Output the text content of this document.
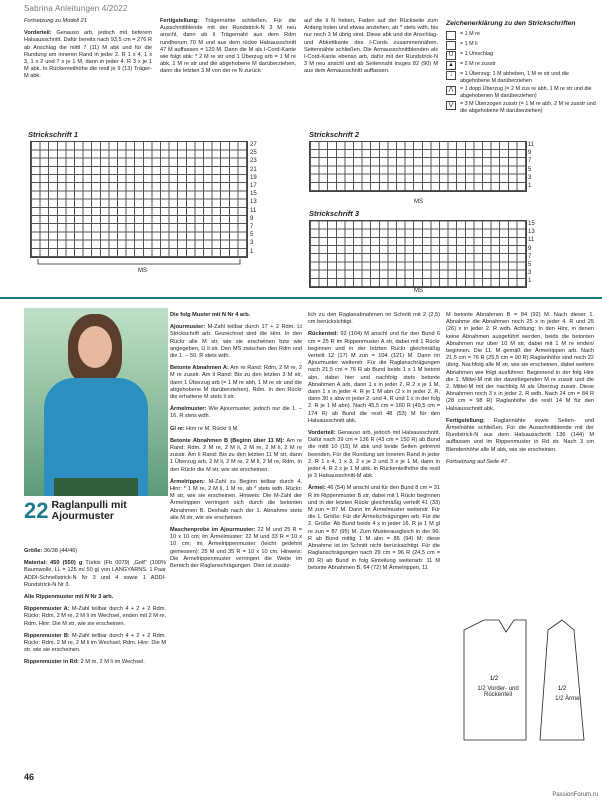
Sabrina Anleitungen 4/2022

Fortsetzung zu Modell 21

Vorderteil: Genauso arb, jedoch mit tieferem Halsausschnitt. Dafür bereits nach 93,5 cm = 276 R ab Anschlag die mittl 7 (11) M abk und für die Rundung am inneren Rand in jeder 2. R 1 x 4, 1 x 3, 1 x 2 und 7 x je 1 M, dann in jeder 4. R 3 x je 1 M abk. In Rückenteilhöhe die restl je 9 (13) Träger-M abk.

Fertigstellung: Trägernähte schließen. Für die Ausschnittblende mit der Rundstrick-N 3 M neu anschl, dann ab li Trägernaht aus dem Rdm rundherum 70 M und aus dem rückw Halsausschnitt 47 M auffassen = 120 M. Dann die M als I-Cord-Kante wie folgt abk: * 2 M re str und 1 Überzug arb = 1 M re abk, 1 M re str und die abgehobene M darüberziehen, dann die letzten 3 M von der re N zurück

auf die li N heben, Faden auf der Rückseite zum Anfang holen und etwas anziehen, ab * stets wdh, bis nur noch 3 M übrig sind. Diese abk und die Anschlag- und Abkettkante des I-Cords zusammennähen. Seitennähte schließen. Die Armausschnittblenden als I-Cord-Kante ebenso arb, dafür mit der Rundstrick-N 3 M neu anschl und ab Seitennaht insges 82 (90) M aus dem Armausschnitt auffassen.

Zeichenerklärung zu den Strickschriften
= 1 M re
= 1 M li
U	= 1 Umschlag
▲	= 2 M re zusstr
↓	= 1 Überzug: 1 M abheben, 1 M re str und die abgehobene M darüberziehen
⋀	= 1 dopp Überzug (= 2 M zus re abh, 1 M re str und die abgehobenen M darüberziehen)
⋁	= 3 M Überzogen zusstr (= 1 M re abh, 2 M re zusstr und die abgehobene M darüberziehen)
Strickschrift 1
27
25
23
21
19
17
15
13
11
9
7
5
3
1
MS
Strickschrift 2
11
9
7
5
3
1
MS
Strickschrift 3
15
13
11
9
7
5
3
1
MS
22 Raglanpulli mit Ajourmuster

Größe: 36/38 (44/46)

Material: 450 (550) g Türkis (Fb 0079) „Golf“ (100% Baumwolle, LL = 125 m/ 50 g) von LANGYARNS. 1 Paar ADDI-Schnellstrick-N Nr 3 und 4 sowie 1 ADDI-Rundstrick-N Nr 3.

Alle Rippenmuster mit N Nr 3 arb.

Rippenmuster A: M-Zahl teilbar durch 4 + 2 + 2 Rdm. Rückr: Rdm, 2 M re, 2 M li im Wechsel, enden mit 2 M re, Rdm. Hinr: Die M str, wie sie erscheinen.

Rippenmuster B: M-Zahl teilbar durch 4 + 2 + 2 Rdm. Rückr: Rdm, 2 M re, 2 M li im Wechsel, Rdm. Hinr: Die M str, wie sie erscheinen.

Rippenmuster in Rd: 2 M re, 2 M li im Wechsel.

Die folg Muster mit N Nr 4 arb.

Ajourmuster: M-Zahl teilbar durch 17 + 2 Rdm. Lt Strickschrift arb. Gezeichnet sind die Hinr. In den Rückr alle M str, wie sie erscheinen bzw wie angegeben, U li str. Den MS zwischen den Rdm und die 1. – 50. R stets wdh.

Betonte Abnahmen A: Am re Rand: Rdm, 2 M re, 2 M re zusstr. Am li Rand: Bis zu den letzten 3 M str, dann 1 Überzug arb (= 1 M re abh, 1 M re str und die abgehobene M darüberziehen), Rdm. In den Rückr die erhaltene M stets li str.

Ärmelmuster: Wie Ajourmuster, jedoch nur die 1. – 16. R stets wdh.

Gl re: Hinr re M, Rückr li M.

Betonte Abnahmen B (Beginn über 11 M): Am re Rand: Rdm, 2 M re, 2 M li, 2 M re, 2 M li, 2 M re zusstr. Am li Rand: Bis zu den letzten 11 M str, dann 1 Überzug arb, 2 M li, 2 M re, 2 M li, 2 M re, Rdm. In den Rückr die M str, wie sie erscheinen.

Ärmelrippen: M-Zahl zu Beginn teilbar durch 4. Hinr: * 1 M re, 2 M li, 1 M re, ab * stets wdh. Rückr: M str, wie sie erscheinen. Hinweis: Die M-Zahl der Ärmelrippen verringert sich durch die betonten Abnahmen B. Deshalb nach der 1. Abnahme stets alle M str, wie sie erscheinen.

Maschenprobe im Ajourmuster: 22 M und 25 R = 10 x 10 cm; im Ärmelmuster: 22 M und 33 R = 10 x 10 cm; im Ärmelrippenmuster (leicht gedehnt gemessen): 25 M und 35 R = 10 x 10 cm. Hinweis: Die Ärmelrippenmuster verringert die Weite im Bereich der Raglanschrägungen. Dies ist zusätz-

lich zu den Raglanabnahmen im Schnitt mit 2 (2,5) cm berücksichtigt.

Rückenteil: 92 (104) M anschl und für den Bund 6 cm = 25 R im Rippenmuster A str, dabei mit 1 Rückr beginnen und in der letzten Rückr gleichmäßig verteilt 12 (17) M zun = 104 (121) M. Dann im Ajourmuster weiterstr. Für die Raglanschrägungen nach 21,5 cm = 76 R ab Bund beids 1 x 1 M betont abn, dabei hier und nachfolg stets betonte Abnahmen A arb, dann 1 x in jeder 2. R 2 x je 1 M, dann 1 x in jeder 4. R je 1 M abn (2 x in jeder 2. R, dann 30 x abw in jeder 2. und 4. R und 1 x in der folg 2. R je 1 M abn). Nach 45,5 cm = 160 R (49,5 cm = 174 R) ab Bund die restl 48 (53) M für den Halsausschnitt abk.

Vorderteil: Genauso arb, jedoch mit Halsausschnitt. Dafür nach 39 cm = 136 R (43 cm = 150 R) ab Bund die mittl 10 (15) M abk und beide Seiten getrennt beenden. Für die Rundung am inneren Rand in jeder 2. R 1 x 4, 1 x 3, 2 x je 2 und 3 x je 1 M, dann in jeder 4. R 2 x je 1 M abk. In Rückenteilhöhe die restl je 3 Halsausschnitt-M abk.

Ärmel: 46 (54) M anschl und für den Bund 8 cm = 31 R im Rippenmuster B str, dabei mit 1 Rückr beginnen und in der letzten Rückr gleichmäßig verteilt 41 (33) M zun = 87 M. Dann im Ärmelmuster weiterstr. Für die 1. Größe: Für die Ärmelschrägungen arb. Für die 2. Größe: Ab Bund beids 4 x in jeder 16. R je 1 M gl re zun = 87 (95) M. Zum Musterausgleich in der 96. R ab Bund mittig 1 M abn = 86 (94) M; diese Abnahme ist im Schnitt nicht berücksichtigt. Für die Raglanschrägungen nach 29 cm = 96 R (24,5 cm = 80 R) ab Bund in folg Einteilung weiterarb: 11 M betonte Abnahmen B, 64 (72) M Ärmelrippen, 11

M betonte Abnahmen B = 84 (92) M. Nach dieser 1. Abnahme die Abnahmen noch 25 x in jeder 4. R und 25 (26) x in jeder 2. R wdh. Achtung: In den Hinr, in denen keine Abnahmen ausgeführt werden, beids die betonten Abnahmen nur über 10 M str, dabei mit 1 M re enden/ beginnen. Die 11. M gemäß der Ärmelrippen arb. Nach 21,5 cm = 76 R (25,5 cm = 90 R) Raglanhöhe sind noch 22 übrig. Nachfolg alle M str, wie sie erscheinen, dabei weitere Abnahmen wie folgt ausführen: Beginnend in der folg Hinr die 1. Mittel-M mit der davorliegenden M re zusstr und die 2. Mittel-M mit der nachfolg M als Überzug zusstr. Diese Abnahmen noch 3 x in jeder 2. R wdh. Nach 24 cm = 84 R (28 cm = 98 R) Raglanhöhe die restl 14 M für den Halsausschnitt abk.

Fertigstellung: Raglannähte sowie Seiten- und Ärmelnähte schließen. Für die Ausschnittblende mit der Rundstrick-N aus dem Halsausschnitt 136 (144) M auffassen und im Rippenmuster in Rd str. Nach 3 cm Blendenhöhe alle M abk, wie sie erscheinen.

Fortsetzung auf Seite 47

1/2
1/2
1/2 Vorder- und Rückenteil
1/2 Ärmel
46
PassionForum.ru
